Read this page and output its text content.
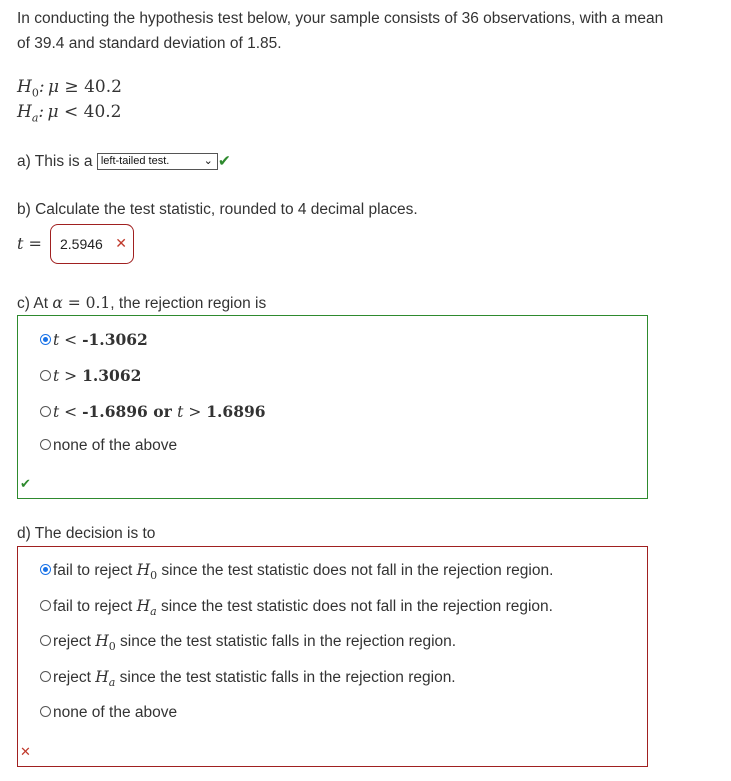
In conducting the hypothesis test below, your sample consists of 36 observations, with a mean of 39.4 and standard deviation of 1.85.

$H_0$: μ ≥ 40.2
$H_a$: μ < 40.2
a) This is a left-tailed test.	⌄ ✔
b) Calculate the test statistic, rounded to 4 decimal places.
t = 2.5946 ✕
c) At α = 0.1, the rejection region is
t < -1.3062
t > 1.3062
t < -1.6896 or t > 1.6896
none of the above
✔
d) The decision is to
fail to reject $H_0$ since the test statistic does not fall in the rejection region.
fail to reject $H_a$ since the test statistic does not fall in the rejection region.
reject $H_0$ since the test statistic falls in the rejection region.
reject $H_a$ since the test statistic falls in the rejection region.
none of the above
✕
